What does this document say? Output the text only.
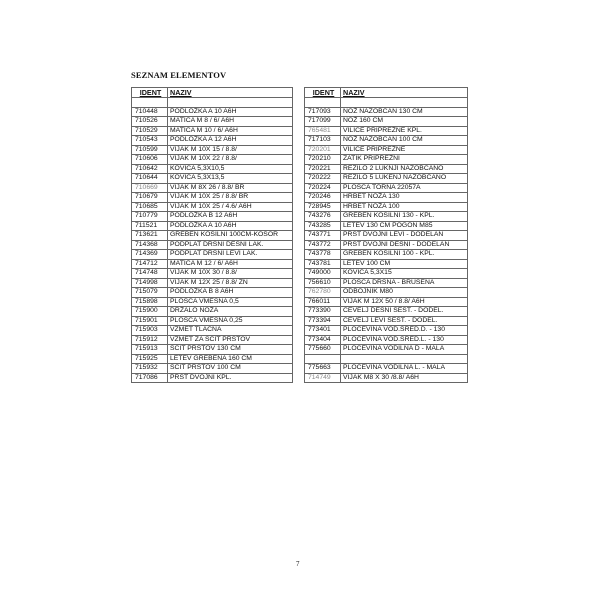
SEZNAM ELEMENTOV
IDENT	NAZIV

710448	PODLOŽKA A 10 A6H
710526	MATICA M 8 / 6/ A6H
710529	MATICA M 10 / 6/ A6H
710543	PODLOŽKA A 12 A6H
710599	VIJAK M 10X 15 / 8.8/
710606	VIJAK M 10X 22 / 8.8/
710642	KOVICA 5,3X10,5
710644	KOVICA 5,3X13,5
710669	VIJAK M 8X 26 / 8.8/ BR
710679	VIJAK M 10X 25 / 8.8/ BR
710685	VIJAK M 10X 25 / 4.6/ A6H
710779	PODLOŽKA B 12 A6H
711521	PODLOŽKA A 10 A6H
713621	GREBEN KOSILNI 100CM-KOSOR
714368	PODPLAT DRSNI DESNI LAK.
714369	PODPLAT DRSNI LEVI LAK.
714712	MATICA M 12 / 6/ A6H
714748	VIJAK M 10X 30 / 8.8/
714998	VIJAK M 12X 25 / 8.8/ ZN
715079	PODLOŽKA B 8 A6H
715898	PLOŠČA VMESNA 0,5
715900	DRŽALO NOŽA
715901	PLOŠČA VMESNA 0,25
715903	VZMET TLAČNA
715912	VZMET ZA ŠČIT PRSTOV
715913	ŠČIT PRSTOV 130 CM
715925	LETEV GREBENA 160 CM
715932	ŠČIT PRSTOV 100 CM
717086	PRST DVOJNI KPL.
IDENT	NAZIV

717093	NOŽ NAZOBČAN 130 CM
717099	NOŽ 160 CM
765481	VILICE PRIPREŽNE KPL.
717103	NOŽ NAZOBČAN 100 CM
720201	VILICE PRIPREŽNE
720210	ZATIK PRIPREŽNI
720221	REZILO 2 LUKNJI NAZOBČANO
720222	REZILO 5 LUKENJ NAZOBČANO
720224	PLOŠČA TORNA 22057A
720246	HRBET NOŽA 130
728945	HRBET NOŽA 100
743276	GREBEN KOSILNI 130 - KPL.
743285	LETEV 130 CM POGON M85
743771	PRST DVOJNI LEVI - DODELAN
743772	PRST DVOJNI DESNI - DODELAN
743778	GREBEN KOSILNI 100 - KPL.
743781	LETEV 100 CM
749000	KOVICA 5,3X15
756610	PLOŠČA DRSNA - BRUŠENA
762780	ODBOJNIK M80
766011	VIJAK M 12X 50 / 8.8/ A6H
773390	ČEVELJ DESNI SEST. - DODEL.
773394	ČEVELJ LEVI SEST. - DODEL.
773401	PLOČEVINA VOD.SRED.D. - 130
773404	PLOČEVINA VOD.SRED.L. - 130
775660	PLOČEVINA VODILNA D - MALA

775663	PLOČEVINA VODILNA L. - MALA
714749	VIJAK M8 X 30 /8.8/ A6H
7
